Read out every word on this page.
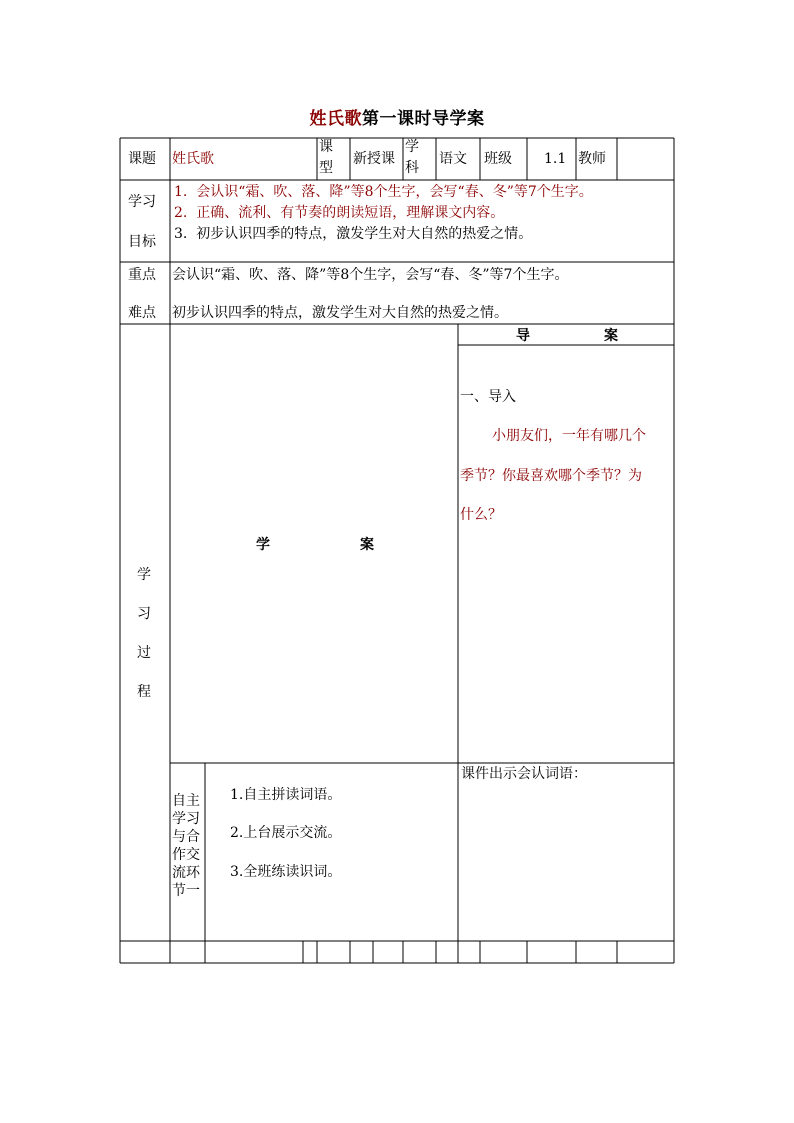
姓氏歌第一课时导学案
课题 姓氏歌
课
型
新授课
学
科
语文 班级 1.1 教师
学习
目标
1. 会认识“霜、吹、落、降”等8个生字，会写“春、冬”等7个生字。
2. 正确、流利、有节奏的朗读短语，理解课文内容。
3. 初步认识四季的特点，激发学生对大自然的热爱之情。
重点 会认识“霜、吹、落、降”等8个生字，会写“春、冬”等7个生字。
难点 初步认识四季的特点，激发学生对大自然的热爱之情。
学
习
过
程
学	案
导	案
一、导入
小朋友们，一年有哪几个
季节？你最喜欢哪个季节？为
什么？
自主
学习
与合
作交
流环
节一
1.自主拼读词语。
2.上台展示交流。
3.全班练读识词。
课件出示会认词语：
